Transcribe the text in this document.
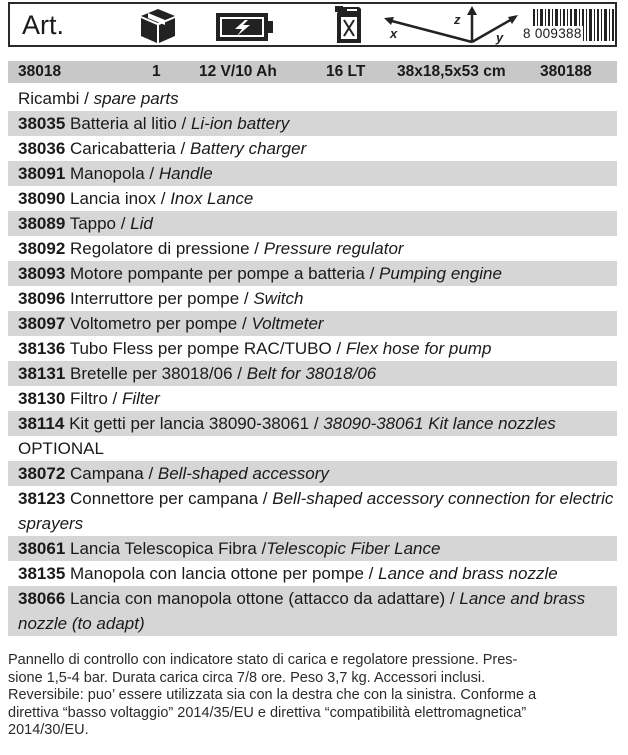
Art.	x
z
y 8 009388
38018	1 12 V/10 Ah	16 LT 38x18,5x53 cm 380188
Ricambi / spare parts
38035 Batteria al litio / Li-ion battery
38036 Caricabatteria / Battery charger
38091 Manopola / Handle
38090 Lancia inox / Inox Lance
38089 Tappo / Lid
38092 Regolatore di pressione / Pressure regulator
38093 Motore pompante per pompe a batteria / Pumping engine
38096 Interruttore per pompe / Switch
38097 Voltometro per pompe / Voltmeter
38136 Tubo Fless per pompe RAC/TUBO / Flex hose for pump
38131 Bretelle per 38018/06 / Belt for 38018/06
38130 Filtro / Filter
38114 Kit getti per lancia 38090-38061 / 38090-38061 Kit lance nozzles
OPTIONAL
38072 Campana / Bell-shaped accessory
38123 Connettore per campana / Bell-shaped accessory connection for electric sprayers
38061 Lancia Telescopica Fibra /Telescopic Fiber Lance
38135 Manopola con lancia ottone per pompe / Lance and brass nozzle
38066 Lancia con manopola ottone (attacco da adattare) / Lance and brass nozzle (to adapt)

Pannello di controllo con indicatore stato di carica e regolatore pressione. Pres-

sione 1,5-4 bar. Durata carica circa 7/8 ore. Peso 3,7 kg. Accessori inclusi.

Reversibile: puo’ essere utilizzata sia con la destra che con la sinistra. Conforme a

direttiva “basso voltaggio” 2014/35/EU e direttiva “compatibilità elettromagnetica”

2014/30/EU.
